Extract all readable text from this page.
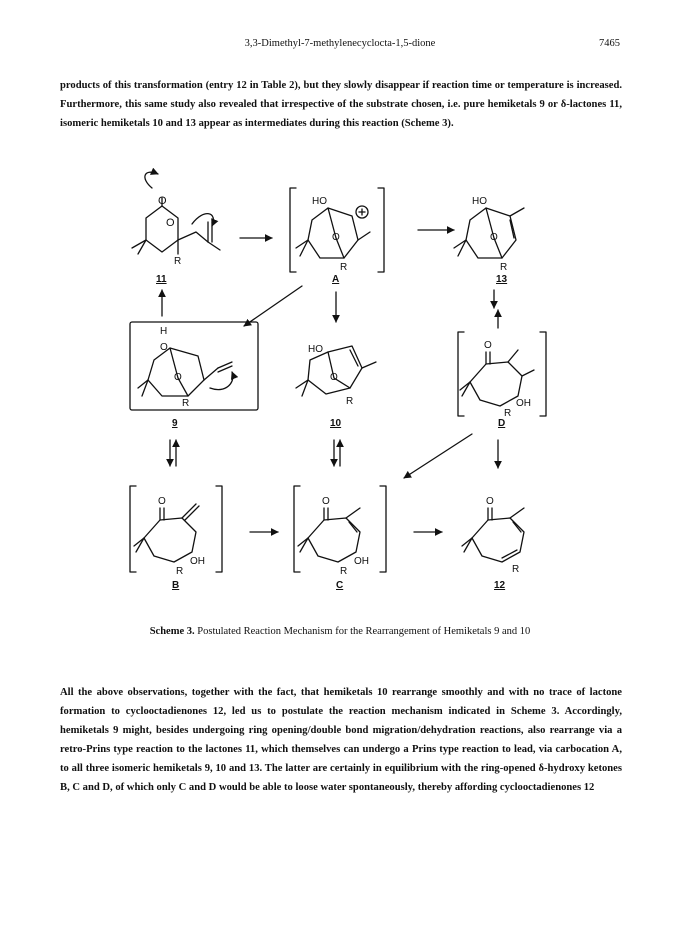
3,3-Dimethyl-7-methylenecyclocta-1,5-dione	7465
products of this transformation (entry 12 in Table 2), but they slowly disappear if reaction time or temperature is increased. Furthermore, this same study also revealed that irrespective of the substrate chosen, i.e. pure hemiketals 9 or δ-lactones 11, isomeric hemiketals 10 and 13 appear as intermediates during this reaction (Scheme 3).
O
O
R
HO
O
R
HO
O
R
11	A	13
H
O
O
R
HO
O
R
O
R
OH
9	10	D
O
R
OH
O
R
OH
O
R
B	C	12
Scheme 3. Postulated Reaction Mechanism for the Rearrangement of Hemiketals 9 and 10
All the above observations, together with the fact, that hemiketals 10 rearrange smoothly and with no trace of lactone formation to cyclooctadienones 12, led us to postulate the reaction mechanism indicated in Scheme 3. Accordingly, hemiketals 9 might, besides undergoing ring opening/double bond migration/dehydration reactions, also rearrange via a retro-Prins type reaction to the lactones 11, which themselves can undergo a Prins type reaction to lead, via carbocation A, to all three isomeric hemiketals 9, 10 and 13. The latter are certainly in equilibrium with the ring-opened δ-hydroxy ketones B, C and D, of which only C and D would be able to loose water spontaneously, thereby affording cyclooctadienones 12
